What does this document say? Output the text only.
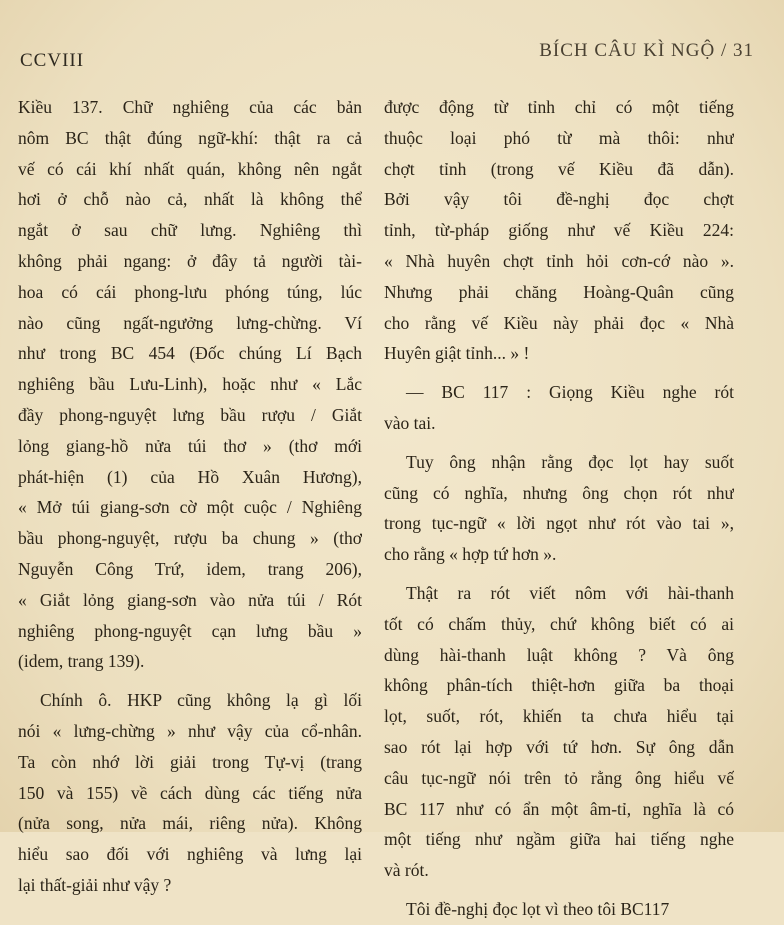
CCVIII	BÍCH CÂU KÌ NGỘ / 31
Kiều 137. Chữ nghiêng của các bản
nôm BC thật đúng ngữ-khí: thật ra cả
vế có cái khí nhất quán, không nên ngắt
hơi ở chỗ nào cả, nhất là không thể
ngắt ở sau chữ lưng. Nghiêng thì
không phải ngang: ở đây tả người tài-
hoa có cái phong-lưu phóng túng, lúc
nào cũng ngất-ngưởng lưng-chừng. Ví
như trong BC 454 (Đốc chúng Lí Bạch
nghiêng bầu Lưu-Linh), hoặc như « Lắc
đầy phong-nguyệt lưng bầu rượu / Giắt
lỏng giang-hồ nửa túi thơ » (thơ mới
phát-hiện (1) của Hồ Xuân Hương),
« Mở túi giang-sơn cờ một cuộc / Nghiêng
bầu phong-nguyệt, rượu ba chung » (thơ
Nguyễn Công Trứ, idem, trang 206),
« Giắt lỏng giang-sơn vào nửa túi / Rót
nghiêng phong-nguyệt cạn lưng bầu »
(idem, trang 139).
Chính ô. HKP cũng không lạ gì lối
nói « lưng-chừng » như vậy của cổ-nhân.
Ta còn nhớ lời giải trong Tự-vị (trang
150 và 155) về cách dùng các tiếng nửa
(nửa song, nửa mái, riêng nửa). Không
hiểu sao đối với nghiêng và lưng lại
lại thất-giải như vậy ?
được động từ tỉnh chỉ có một tiếng
thuộc loại phó từ mà thôi: như
chợt tỉnh (trong vế Kiều đã dẫn).
Bởi vậy tôi đề-nghị đọc chợt
tỉnh, từ-pháp giống như vế Kiều 224:
« Nhà huyên chợt tỉnh hỏi cơn-cớ nào ».
Nhưng phải chăng Hoàng-Quân cũng
cho rằng vế Kiều này phải đọc « Nhà
Huyên giật tỉnh... » !
— BC 117 : Giọng Kiều nghe rót
vào tai.
Tuy ông nhận rằng đọc lọt hay suốt
cũng có nghĩa, nhưng ông chọn rót như
trong tục-ngữ « lời ngọt như rót vào tai »,
cho rằng « hợp tứ hơn ».
Thật ra rót viết nôm với hài-thanh
tốt có chấm thủy, chứ không biết có ai
dùng hài-thanh luật không ? Và ông
không phân-tích thiệt-hơn giữa ba thoại
lọt, suốt, rót, khiến ta chưa hiểu tại
sao rót lại hợp với tứ hơn. Sự ông dẫn
câu tục-ngữ nói trên tỏ rằng ông hiểu vế
BC 117 như có ẩn một âm-tỉ, nghĩa là có
một tiếng như ngầm giữa hai tiếng nghe
và rót.
Tôi đề-nghị đọc lọt vì theo tôi BC117
